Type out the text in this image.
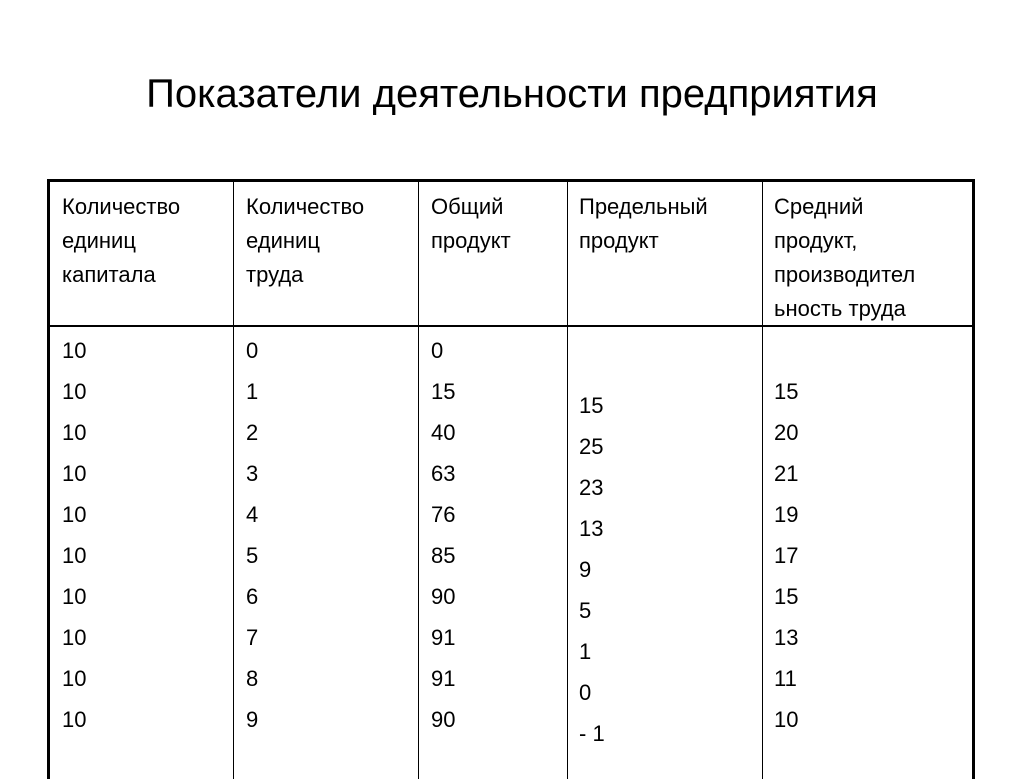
Показатели деятельности предприятия
Количество
единиц
капитала
Количество
единиц
труда
Общий
продукт
Предельный
продукт
Средний
продукт,
производител
ьность труда
10
10
10
10
10
10
10
10
10
10
0
1
2
3
4
5
6
7
8
9
0
15
40
63
76
85
90
91
91
90
15
25
23
13
9
5
1
0
- 1
15
20
21
19
17
15
13
11
10
